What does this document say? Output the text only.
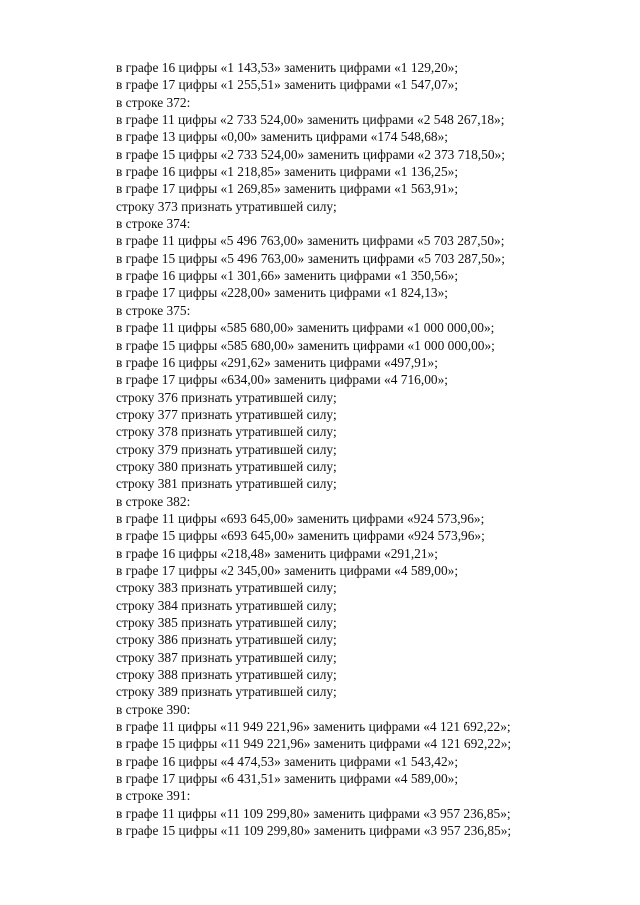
в графе 16 цифры «1 143,53» заменить цифрами «1 129,20»;
в графе 17 цифры «1 255,51» заменить цифрами «1 547,07»;
в строке 372:
в графе 11 цифры «2 733 524,00» заменить цифрами «2 548 267,18»;
в графе 13 цифры «0,00» заменить цифрами «174 548,68»;
в графе 15 цифры «2 733 524,00» заменить цифрами «2 373 718,50»;
в графе 16 цифры «1 218,85» заменить цифрами «1 136,25»;
в графе 17 цифры «1 269,85» заменить цифрами «1 563,91»;
строку 373 признать утратившей силу;
в строке 374:
в графе 11 цифры «5 496 763,00» заменить цифрами «5 703 287,50»;
в графе 15 цифры «5 496 763,00» заменить цифрами «5 703 287,50»;
в графе 16 цифры «1 301,66» заменить цифрами «1 350,56»;
в графе 17 цифры «228,00» заменить цифрами «1 824,13»;
в строке 375:
в графе 11 цифры «585 680,00» заменить цифрами «1 000 000,00»;
в графе 15 цифры «585 680,00» заменить цифрами «1 000 000,00»;
в графе 16 цифры «291,62» заменить цифрами «497,91»;
в графе 17 цифры «634,00» заменить цифрами «4 716,00»;
строку 376 признать утратившей силу;
строку 377 признать утратившей силу;
строку 378 признать утратившей силу;
строку 379 признать утратившей силу;
строку 380 признать утратившей силу;
строку 381 признать утратившей силу;
в строке 382:
в графе 11 цифры «693 645,00» заменить цифрами «924 573,96»;
в графе 15 цифры «693 645,00» заменить цифрами «924 573,96»;
в графе 16 цифры «218,48» заменить цифрами «291,21»;
в графе 17 цифры «2 345,00» заменить цифрами «4 589,00»;
строку 383 признать утратившей силу;
строку 384 признать утратившей силу;
строку 385 признать утратившей силу;
строку 386 признать утратившей силу;
строку 387 признать утратившей силу;
строку 388 признать утратившей силу;
строку 389 признать утратившей силу;
в строке 390:
в графе 11 цифры «11 949 221,96» заменить цифрами «4 121 692,22»;
в графе 15 цифры «11 949 221,96» заменить цифрами «4 121 692,22»;
в графе 16 цифры «4 474,53» заменить цифрами «1 543,42»;
в графе 17 цифры «6 431,51» заменить цифрами «4 589,00»;
в строке 391:
в графе 11 цифры «11 109 299,80» заменить цифрами «3 957 236,85»;
в графе 15 цифры «11 109 299,80» заменить цифрами «3 957 236,85»;
